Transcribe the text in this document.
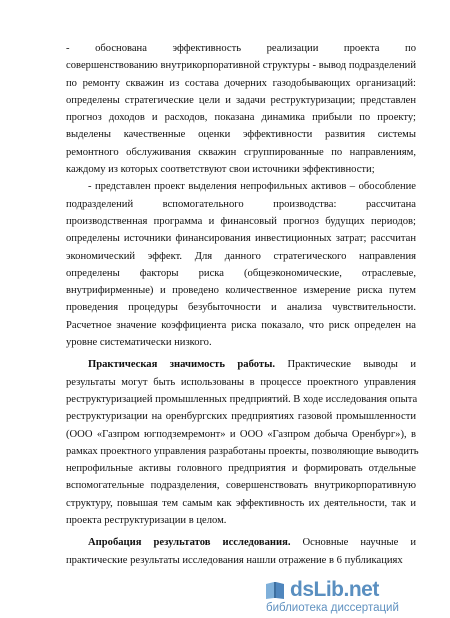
- обоснована эффективность реализации проекта по
совершенствованию внутрикорпоративной структуры - вывод подразделений
по ремонту скважин из состава дочерних газодобывающих организаций:
определены стратегические цели и задачи реструктуризации; представлен
прогноз доходов и расходов, показана динамика прибыли по проекту;
выделены качественные оценки эффективности развития системы
ремонтного обслуживания скважин сгруппированные по направлениям,
каждому из которых соответствуют свои источники эффективности;
- представлен проект выделения непрофильных активов – обособление
подразделений вспомогательного производства: рассчитана
производственная программа и финансовый прогноз будущих периодов;
определены источники финансирования инвестиционных затрат; рассчитан
экономический эффект. Для данного стратегического направления
определены факторы риска (общеэкономические, отраслевые,
внутрифирменные) и проведено количественное измерение риска путем
проведения процедуры безубыточности и анализа чувствительности.
Расчетное значение коэффициента риска показало, что риск определен на
уровне систематически низкого.
Практическая значимость работы. Практические выводы и
результаты могут быть использованы в процессе проектного управления
реструктуризацией промышленных предприятий. В ходе исследования опыта
реструктуризации на оренбургских предприятиях газовой промышленности
(ООО «Газпром югподземремонт» и ООО «Газпром добыча Оренбург»), в
рамках проектного управления разработаны проекты, позволяющие выводить
непрофильные активы головного предприятия и формировать отдельные
вспомогательные подразделения, совершенствовать внутрикорпоративную
структуру, повышая тем самым как эффективность их деятельности, так и
проекта реструктуризации в целом.
Апробация результатов исследования. Основные научные и
практические результаты исследования нашли отражение в 6 публикациях
dsLib.net
библиотека диссертаций
